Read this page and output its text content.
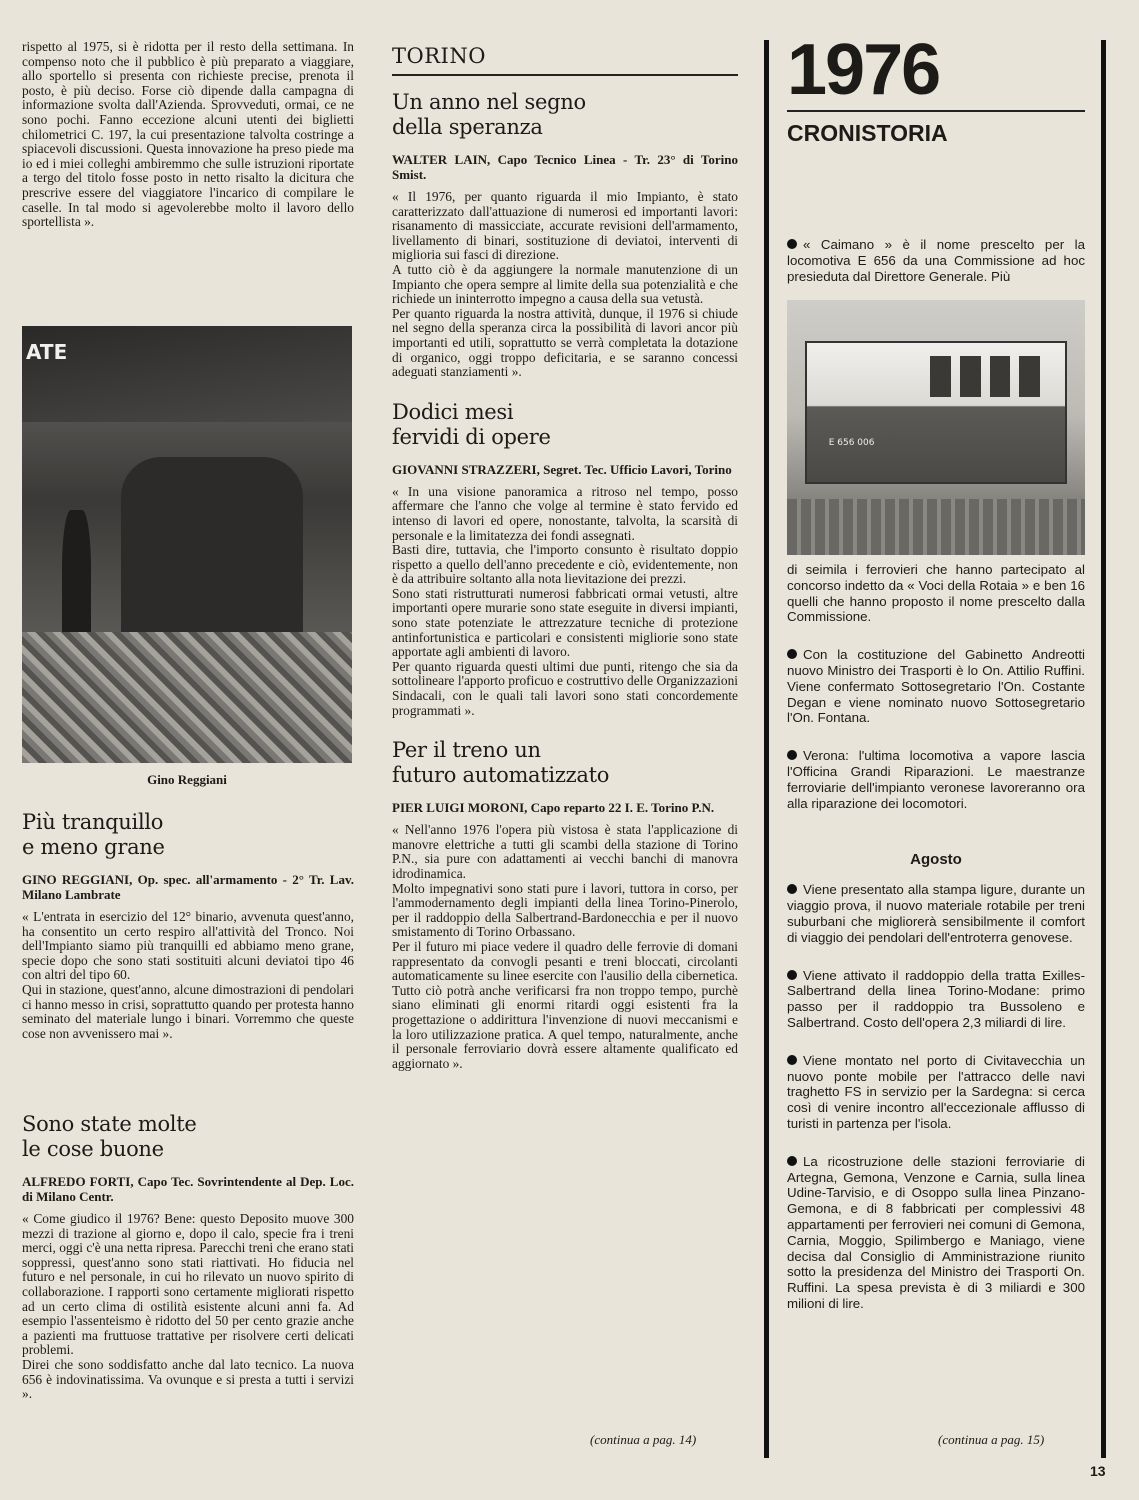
rispetto al 1975, si è ridotta per il resto della settimana. In compenso noto che il pubblico è più preparato a viaggiare, allo sportello si presenta con richieste precise, prenota il posto, è più deciso. Forse ciò dipende dalla campagna di informazione svolta dall'Azienda. Sprovveduti, ormai, ce ne sono pochi. Fanno eccezione alcuni utenti dei biglietti chilometrici C. 197, la cui presentazione talvolta costringe a spiacevoli discussioni. Questa innovazione ha preso piede ma io ed i miei colleghi ambiremmo che sulle istruzioni riportate a tergo del titolo fosse posto in netto risalto la dicitura che prescrive essere del viaggiatore l'incarico di compilare le caselle. In tal modo si agevolerebbe molto il lavoro dello sportellista ».

ATE
Gino Reggiani
Più tranquillo
e meno grane
GINO REGGIANI, Op. spec. all'armamento - 2° Tr. Lav. Milano Lambrate

« L'entrata in esercizio del 12° binario, avvenuta quest'anno, ha consentito un certo respiro all'attività del Tronco. Noi dell'Impianto siamo più tranquilli ed abbiamo meno grane, specie dopo che sono stati sostituiti alcuni deviatoi tipo 46 con altri del tipo 60.

Qui in stazione, quest'anno, alcune dimostrazioni di pendolari ci hanno messo in crisi, soprattutto quando per protesta hanno seminato del materiale lungo i binari. Vorremmo che queste cose non avvenissero mai ».

Sono state molte
le cose buone
ALFREDO FORTI, Capo Tec. Sovrintendente al Dep. Loc. di Milano Centr.

« Come giudico il 1976? Bene: questo Deposito muove 300 mezzi di trazione al giorno e, dopo il calo, specie fra i treni merci, oggi c'è una netta ripresa. Parecchi treni che erano stati soppressi, quest'anno sono stati riattivati. Ho fiducia nel futuro e nel personale, in cui ho rilevato un nuovo spirito di collaborazione. I rapporti sono certamente migliorati rispetto ad un certo clima di ostilità esistente alcuni anni fa. Ad esempio l'assenteismo è ridotto del 50 per cento grazie anche a pazienti ma fruttuose trattative per risolvere certi delicati problemi.

Direi che sono soddisfatto anche dal lato tecnico. La nuova 656 è indovinatissima. Va ovunque e si presta a tutti i servizi ».

TORINO
Un anno nel segno
della speranza
WALTER LAIN, Capo Tecnico Linea - Tr. 23° di Torino Smist.

« Il 1976, per quanto riguarda il mio Impianto, è stato caratterizzato dall'attuazione di numerosi ed importanti lavori: risanamento di massicciate, accurate revisioni dell'armamento, livellamento di binari, sostituzione di deviatoi, interventi di miglioria sui fasci di direzione.

A tutto ciò è da aggiungere la normale manutenzione di un Impianto che opera sempre al limite della sua potenzialità e che richiede un ininterrotto impegno a causa della sua vetustà.

Per quanto riguarda la nostra attività, dunque, il 1976 si chiude nel segno della speranza circa la possibilità di lavori ancor più importanti ed utili, soprattutto se verrà completata la dotazione di organico, oggi troppo deficitaria, e se saranno concessi adeguati stanziamenti ».

Dodici mesi
fervidi di opere
GIOVANNI STRAZZERI, Segret. Tec. Ufficio Lavori, Torino

« In una visione panoramica a ritroso nel tempo, posso affermare che l'anno che volge al termine è stato fervido ed intenso di lavori ed opere, nonostante, talvolta, la scarsità di personale e la limitatezza dei fondi assegnati.

Basti dire, tuttavia, che l'importo consunto è risultato doppio rispetto a quello dell'anno precedente e ciò, evidentemente, non è da attribuire soltanto alla nota lievitazione dei prezzi.

Sono stati ristrutturati numerosi fabbricati ormai vetusti, altre importanti opere murarie sono state eseguite in diversi impianti, sono state potenziate le attrezzature tecniche di protezione antinfortunistica e particolari e consistenti migliorie sono state apportate agli ambienti di lavoro.

Per quanto riguarda questi ultimi due punti, ritengo che sia da sottolineare l'apporto proficuo e costruttivo delle Organizzazioni Sindacali, con le quali tali lavori sono stati concordemente programmati ».

Per il treno un
futuro automatizzato
PIER LUIGI MORONI, Capo reparto 22 I. E. Torino P.N.

« Nell'anno 1976 l'opera più vistosa è stata l'applicazione di manovre elettriche a tutti gli scambi della stazione di Torino P.N., sia pure con adattamenti ai vecchi banchi di manovra idrodinamica.

Molto impegnativi sono stati pure i lavori, tuttora in corso, per l'ammodernamento degli impianti della linea Torino-Pinerolo, per il raddoppio della Salbertrand-Bardonecchia e per il nuovo smistamento di Torino Orbassano.

Per il futuro mi piace vedere il quadro delle ferrovie di domani rappresentato da convogli pesanti e treni bloccati, circolanti automaticamente su linee esercite con l'ausilio della cibernetica. Tutto ciò potrà anche verificarsi fra non troppo tempo, purchè siano eliminati gli enormi ritardi oggi esistenti fra la progettazione o addirittura l'invenzione di nuovi meccanismi e la loro utilizzazione pratica. A quel tempo, naturalmente, anche il personale ferroviario dovrà essere altamente qualificato ed aggiornato ».

(continua a pag. 14)
1976
CRONISTORIA

« Caimano » è il nome prescelto per la locomotiva E 656 da una Commissione ad hoc presieduta dal Direttore Generale. Più

E 656 006

di seimila i ferrovieri che hanno partecipato al concorso indetto da « Voci della Rotaia » e ben 16 quelli che hanno proposto il nome prescelto dalla Commissione.

Con la costituzione del Gabinetto Andreotti nuovo Ministro dei Trasporti è lo On. Attilio Ruffini. Viene confermato Sottosegretario l'On. Costante Degan e viene nominato nuovo Sottosegretario l'On. Fontana.

Verona: l'ultima locomotiva a vapore lascia l'Officina Grandi Riparazioni. Le maestranze ferroviarie dell'impianto veronese lavoreranno ora alla riparazione dei locomotori.

Agosto

Viene presentato alla stampa ligure, durante un viaggio prova, il nuovo materiale rotabile per treni suburbani che migliorerà sensibilmente il comfort di viaggio dei pendolari dell'entroterra genovese.

Viene attivato il raddoppio della tratta Exilles-Salbertrand della linea Torino-Modane: primo passo per il raddoppio tra Bussoleno e Salbertrand. Costo dell'opera 2,3 miliardi di lire.

Viene montato nel porto di Civitavecchia un nuovo ponte mobile per l'attracco delle navi traghetto FS in servizio per la Sardegna: si cerca così di venire incontro all'eccezionale afflusso di turisti in partenza per l'isola.

La ricostruzione delle stazioni ferroviarie di Artegna, Gemona, Venzone e Carnia, sulla linea Udine-Tarvisio, e di Osoppo sulla linea Pinzano-Gemona, e di 8 fabbricati per complessivi 48 appartamenti per ferrovieri nei comuni di Gemona, Carnia, Moggio, Spilimbergo e Maniago, viene decisa dal Consiglio di Amministrazione riunito sotto la presidenza del Ministro dei Trasporti On. Ruffini. La spesa prevista è di 3 miliardi e 300 milioni di lire.

(continua a pag. 15)
13
